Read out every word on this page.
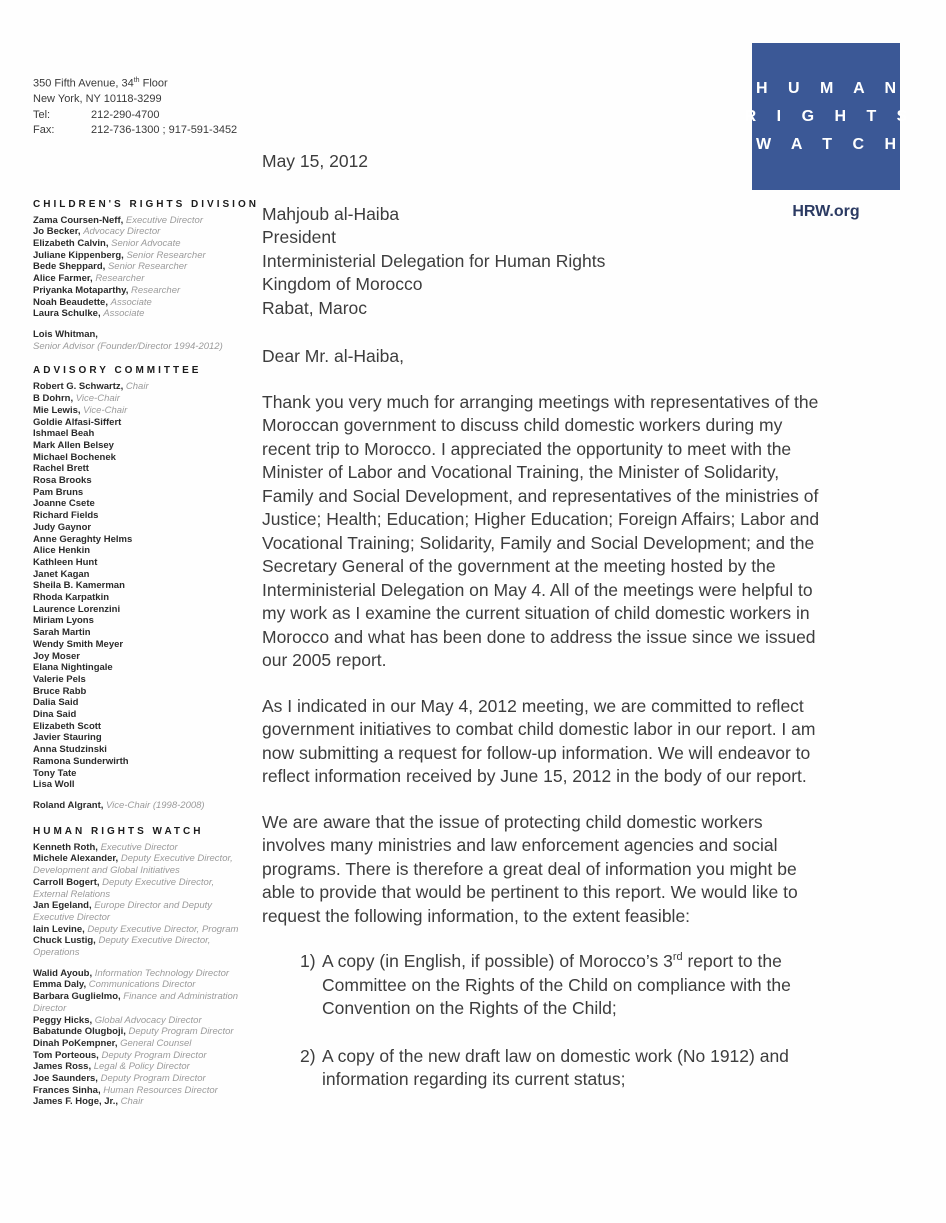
350 Fifth Avenue, 34th Floor
New York, NY 10118-3299
Tel:	212-290-4700
Fax:	212-736-1300 ; 917-591-3452
CHILDREN'S RIGHTS DIVISION
Zama Coursen-Neff, Executive Director
Jo Becker, Advocacy Director
Elizabeth Calvin, Senior Advocate
Juliane Kippenberg, Senior Researcher
Bede Sheppard, Senior Researcher
Alice Farmer, Researcher
Priyanka Motaparthy, Researcher
Noah Beaudette, Associate
Laura Schulke, Associate
Lois Whitman,
Senior Advisor (Founder/Director 1994-2012)
ADVISORY COMMITTEE
Robert G. Schwartz, Chair
B Dohrn, Vice-Chair
Mie Lewis, Vice-Chair
Goldie Alfasi-Siffert
Ishmael Beah
Mark Allen Belsey
Michael Bochenek
Rachel Brett
Rosa Brooks
Pam Bruns
Joanne Csete
Richard Fields
Judy Gaynor
Anne Geraghty Helms
Alice Henkin
Kathleen Hunt
Janet Kagan
Sheila B. Kamerman
Rhoda Karpatkin
Laurence Lorenzini
Miriam Lyons
Sarah Martin
Wendy Smith Meyer
Joy Moser
Elana Nightingale
Valerie Pels
Bruce Rabb
Dalia Said
Dina Said
Elizabeth Scott
Javier Stauring
Anna Studzinski
Ramona Sunderwirth
Tony Tate
Lisa Woll
Roland Algrant, Vice-Chair (1998-2008)
HUMAN RIGHTS WATCH
Kenneth Roth, Executive Director
Michele Alexander, Deputy Executive Director, Development and Global Initiatives
Carroll Bogert, Deputy Executive Director, External Relations
Jan Egeland, Europe Director and Deputy Executive Director
Iain Levine, Deputy Executive Director, Program
Chuck Lustig, Deputy Executive Director, Operations
Walid Ayoub, Information Technology Director
Emma Daly, Communications Director
Barbara Guglielmo, Finance and Administration Director
Peggy Hicks, Global Advocacy Director
Babatunde Olugboji, Deputy Program Director
Dinah PoKempner, General Counsel
Tom Porteous, Deputy Program Director
James Ross, Legal & Policy Director
Joe Saunders, Deputy Program Director
Frances Sinha, Human Resources Director
James F. Hoge, Jr., Chair
H U M A N
R I G H T S
W A T C H
HRW.org
May 15, 2012
Mahjoub al-Haiba
President
Interministerial Delegation for Human Rights
Kingdom of Morocco
Rabat, Maroc
Dear Mr. al-Haiba,
Thank you very much for arranging meetings with representatives of the Moroccan government to discuss child domestic workers during my recent trip to Morocco. I appreciated the opportunity to meet with the Minister of Labor and Vocational Training, the Minister of Solidarity, Family and Social Development, and representatives of the ministries of Justice; Health; Education; Higher Education; Foreign Affairs; Labor and Vocational Training; Solidarity, Family and Social Development; and the Secretary General of the government at the meeting hosted by the Interministerial Delegation on May 4. All of the meetings were helpful to my work as I examine the current situation of child domestic workers in Morocco and what has been done to address the issue since we issued our 2005 report.
As I indicated in our May 4, 2012 meeting, we are committed to reflect government initiatives to combat child domestic labor in our report. I am now submitting a request for follow-up information. We will endeavor to reflect information received by June 15, 2012 in the body of our report.
We are aware that the issue of protecting child domestic workers involves many ministries and law enforcement agencies and social programs. There is therefore a great deal of information you might be able to provide that would be pertinent to this report. We would like to request the following information, to the extent feasible:
1) A copy (in English, if possible) of Morocco’s 3rd report to the Committee on the Rights of the Child on compliance with the Convention on the Rights of the Child;
2) A copy of the new draft law on domestic work (No 1912) and information regarding its current status;
